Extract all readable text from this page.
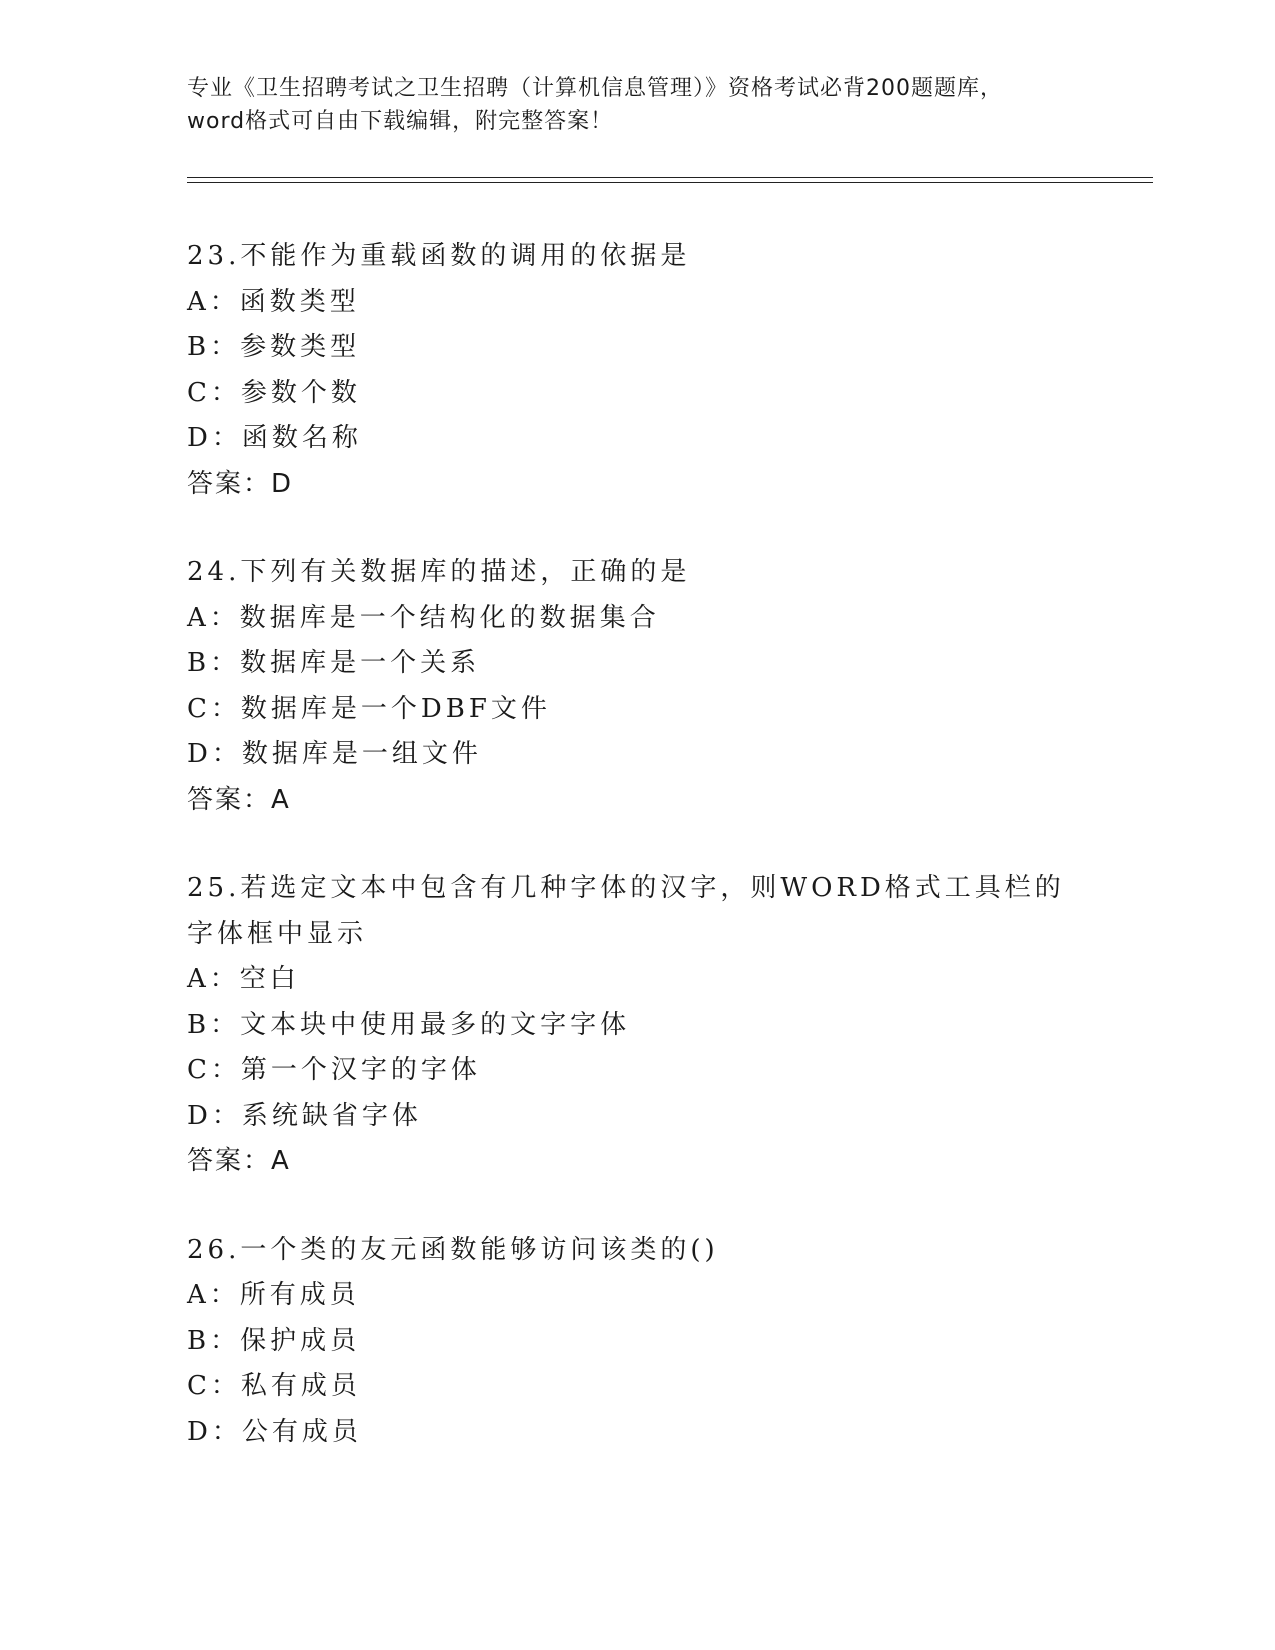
专业《卫生招聘考试之卫生招聘（计算机信息管理）》资格考试必背200题题库，
word格式可自由下载编辑，附完整答案！
23.不能作为重载函数的调用的依据是
A：函数类型
B：参数类型
C：参数个数
D：函数名称
答案：D
24.下列有关数据库的描述，正确的是
A：数据库是一个结构化的数据集合
B：数据库是一个关系
C：数据库是一个DBF文件
D：数据库是一组文件
答案：A
25.若选定文本中包含有几种字体的汉字，则WORD格式工具栏的字体框中显示
A：空白
B：文本块中使用最多的文字字体
C：第一个汉字的字体
D：系统缺省字体
答案：A
26.一个类的友元函数能够访问该类的()
A：所有成员
B：保护成员
C：私有成员
D：公有成员
